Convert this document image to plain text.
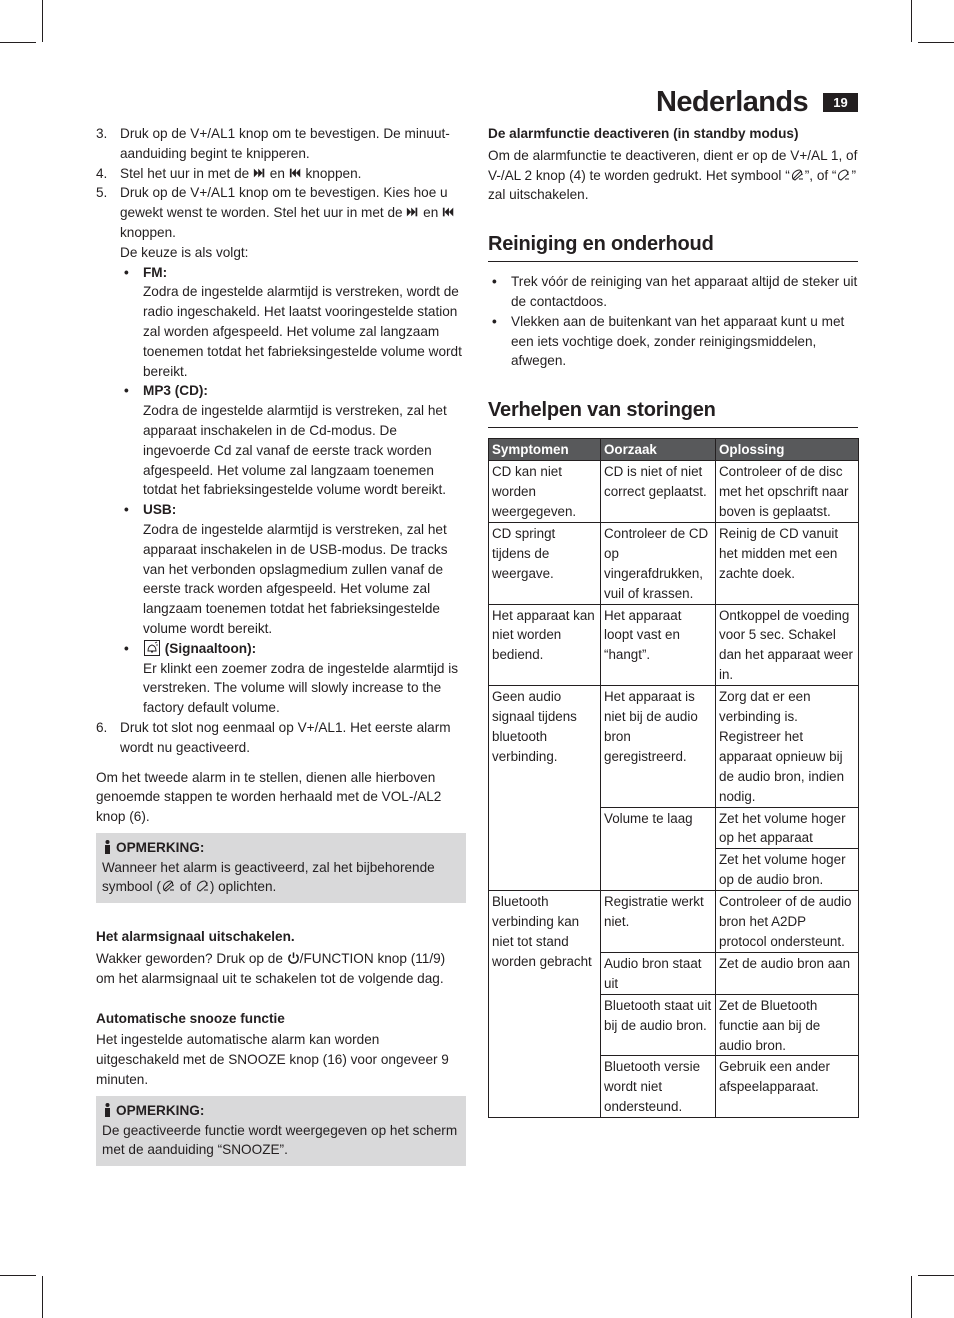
Nederlands	19
3. Druk op de V+/AL1 knop om te bevestigen. De minuut-aanduiding begint te knipperen.
4. Stel het uur in met de en knoppen.
5. Druk op de V+/AL1 knop om te bevestigen. Kies hoe u gewekt wenst te worden. Stel het uur in met de en  knoppen.
De keuze is als volgt:
• FM:
Zodra de ingestelde alarmtijd is verstreken, wordt de radio ingeschakeld. Het laatst vooringestelde station zal worden afgespeeld. Het volume zal langzaam toenemen totdat het fabrieksingestelde volume wordt bereikt.
• MP3 (CD):
Zodra de ingestelde alarmtijd is verstreken, zal het apparaat inschakelen in de Cd-modus. De ingevoerde Cd zal vanaf de eerste track worden afgespeeld. Het volume zal langzaam toenemen totdat het fabrieksingestelde volume wordt bereikt.
• USB:
Zodra de ingestelde alarmtijd is verstreken, zal het apparaat inschakelen in de USB-modus. De tracks van het verbonden opslagmedium zullen vanaf de eerste track worden afgespeeld. Het volume zal langzaam toenemen totdat het fabrieksingestelde volume wordt bereikt.
•	(Signaaltoon):
Er klinkt een zoemer zodra de ingestelde alarmtijd is verstreken. The volume will slowly increase to the factory default volume.
6. Druk tot slot nog eenmaal op V+/AL1. Het eerste alarm wordt nu geactiveerd.
Om het tweede alarm in te stellen, dienen alle hierboven genoemde stappen te worden herhaald met de VOL-/AL2 knop (6).
OPMERKING:
Wanneer het alarm is geactiveerd, zal het bijbehorende symbool ( 1 of 2 ) oplichten.
Het alarmsignaal uitschakelen.
Wakker geworden? Druk op de /FUNCTION knop (11/9) om het alarmsignaal uit te schakelen tot de volgende dag.
Automatische snooze functie
Het ingestelde automatische alarm kan worden uitgeschakeld met de SNOOZE knop (16) voor ongeveer 9 minuten.
OPMERKING:
De geactiveerde functie wordt weergegeven op het scherm met de aanduiding “SNOOZE”.
De alarmfunctie deactiveren (in standby modus)
Om de alarmfunctie te deactiveren, dient er op de V+/AL 1, of V-/AL 2 knop (4) te worden gedrukt. Het symbool “ 1 ”, of “ 2 ” zal uitschakelen.
Reiniging en onderhoud
• Trek vóór de reiniging van het apparaat altijd de steker uit de contactdoos.
• Vlekken aan de buitenkant van het apparaat kunt u met een iets vochtige doek, zonder reinigingsmiddelen, afwegen.
Verhelpen van storingen
Symptomen	Oorzaak	Oplossing
CD kan niet worden weergegeven.	CD is niet of niet correct geplaatst.	Controleer of de disc met het opschrift naar boven is geplaatst.
CD springt tijdens de weergave.	Controleer de CD op vingerafdrukken, vuil of krassen.	Reinig de CD vanuit het midden met een zachte doek.
Het apparaat kan niet worden bediend.	Het apparaat loopt vast en “hangt”.	Ontkoppel de voeding voor 5 sec. Schakel dan het apparaat weer in.
Geen audio signaal tijdens bluetooth verbinding.	Het apparaat is niet bij de audio bron geregistreerd.	Zorg dat er een verbinding is. Registreer het apparaat opnieuw bij de audio bron, indien nodig.
	Volume te laag	Zet het volume hoger op het apparaat
		Zet het volume hoger op de audio bron.
Bluetooth verbinding kan niet tot stand worden gebracht	Registratie werkt niet.	Controleer of de audio bron het A2DP protocol ondersteunt.
	Audio bron staat uit	Zet de audio bron aan
	Bluetooth staat uit bij de audio bron.	Zet de Bluetooth functie aan bij de audio bron.
	Bluetooth versie wordt niet ondersteund.	Gebruik een ander afspeelapparaat.
